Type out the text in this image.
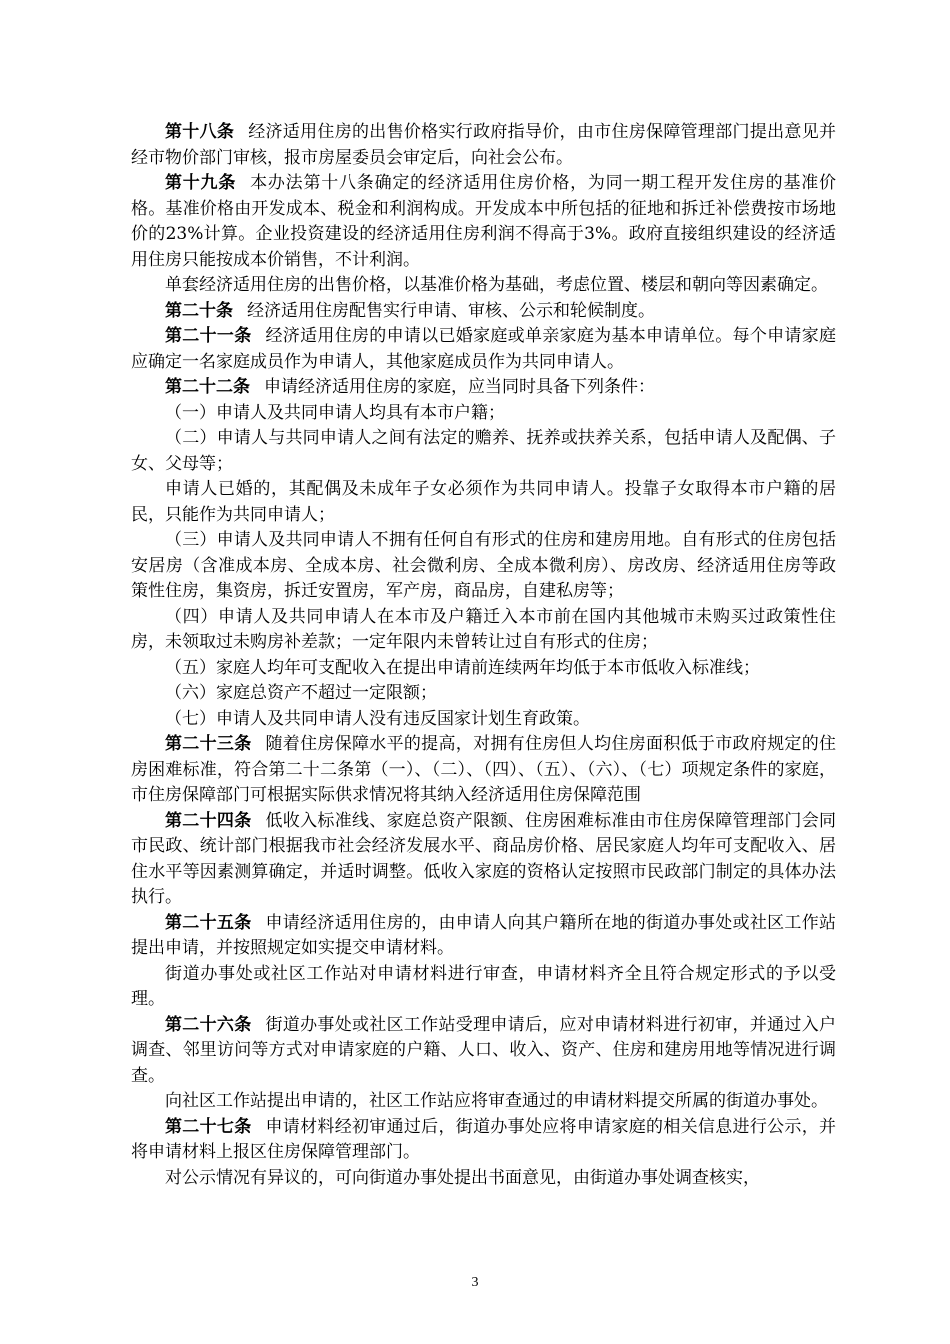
第十八条 经济适用住房的出售价格实行政府指导价，由市住房保障管理部门提出意见并经市物价部门审核，报市房屋委员会审定后，向社会公布。

第十九条 本办法第十八条确定的经济适用住房价格，为同一期工程开发住房的基准价格。基准价格由开发成本、税金和利润构成。开发成本中所包括的征地和拆迁补偿费按市场地价的23%计算。企业投资建设的经济适用住房利润不得高于3%。政府直接组织建设的经济适用住房只能按成本价销售，不计利润。

单套经济适用住房的出售价格，以基准价格为基础，考虑位置、楼层和朝向等因素确定。

第二十条 经济适用住房配售实行申请、审核、公示和轮候制度。

第二十一条 经济适用住房的申请以已婚家庭或单亲家庭为基本申请单位。每个申请家庭应确定一名家庭成员作为申请人，其他家庭成员作为共同申请人。

第二十二条 申请经济适用住房的家庭，应当同时具备下列条件：

（一）申请人及共同申请人均具有本市户籍；

（二）申请人与共同申请人之间有法定的赡养、抚养或扶养关系，包括申请人及配偶、子女、父母等；

申请人已婚的，其配偶及未成年子女必须作为共同申请人。投靠子女取得本市户籍的居民，只能作为共同申请人；

（三）申请人及共同申请人不拥有任何自有形式的住房和建房用地。自有形式的住房包括安居房（含准成本房、全成本房、社会微利房、全成本微利房）、房改房、经济适用住房等政策性住房，集资房，拆迁安置房，军产房，商品房，自建私房等；

（四）申请人及共同申请人在本市及户籍迁入本市前在国内其他城市未购买过政策性住房，未领取过未购房补差款；一定年限内未曾转让过自有形式的住房；

（五）家庭人均年可支配收入在提出申请前连续两年均低于本市低收入标准线；

（六）家庭总资产不超过一定限额；

（七）申请人及共同申请人没有违反国家计划生育政策。

第二十三条 随着住房保障水平的提高，对拥有住房但人均住房面积低于市政府规定的住房困难标准，符合第二十二条第（一）、（二）、（四）、（五）、（六）、（七）项规定条件的家庭，市住房保障部门可根据实际供求情况将其纳入经济适用住房保障范围

第二十四条 低收入标准线、家庭总资产限额、住房困难标准由市住房保障管理部门会同市民政、统计部门根据我市社会经济发展水平、商品房价格、居民家庭人均年可支配收入、居住水平等因素测算确定，并适时调整。低收入家庭的资格认定按照市民政部门制定的具体办法执行。

第二十五条 申请经济适用住房的，由申请人向其户籍所在地的街道办事处或社区工作站提出申请，并按照规定如实提交申请材料。

街道办事处或社区工作站对申请材料进行审查，申请材料齐全且符合规定形式的予以受理。

第二十六条 街道办事处或社区工作站受理申请后，应对申请材料进行初审，并通过入户调查、邻里访问等方式对申请家庭的户籍、人口、收入、资产、住房和建房用地等情况进行调查。

向社区工作站提出申请的，社区工作站应将审查通过的申请材料提交所属的街道办事处。

第二十七条 申请材料经初审通过后，街道办事处应将申请家庭的相关信息进行公示，并将申请材料上报区住房保障管理部门。

对公示情况有异议的，可向街道办事处提出书面意见，由街道办事处调查核实，

3
